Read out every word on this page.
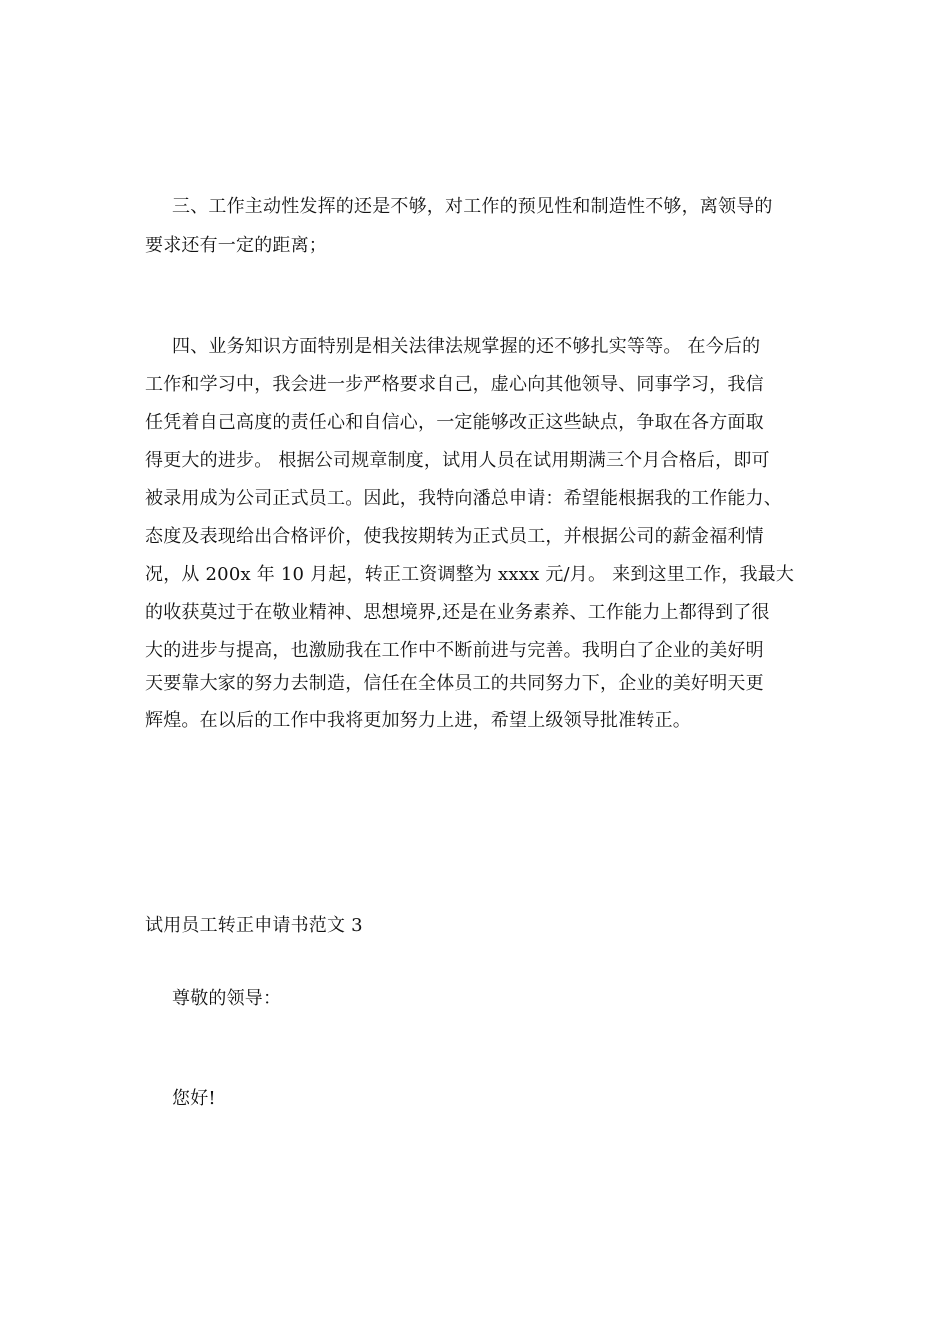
三、工作主动性发挥的还是不够，对工作的预见性和制造性不够，离领导的
要求还有一定的距离；
四、业务知识方面特别是相关法律法规掌握的还不够扎实等等。 在今后的
工作和学习中，我会进一步严格要求自己，虚心向其他领导、同事学习，我信
任凭着自己高度的责任心和自信心，一定能够改正这些缺点，争取在各方面取
得更大的进步。 根据公司规章制度，试用人员在试用期满三个月合格后，即可
被录用成为公司正式员工。因此，我特向潘总申请：希望能根据我的工作能力、
态度及表现给出合格评价，使我按期转为正式员工，并根据公司的薪金福利情
况，从 200x 年 10 月起，转正工资调整为 xxxx 元/月。 来到这里工作，我最大
的收获莫过于在敬业精神、思想境界,还是在业务素养、工作能力上都得到了很
大的进步与提高，也激励我在工作中不断前进与完善。我明白了企业的美好明
天要靠大家的努力去制造，信任在全体员工的共同努力下，企业的美好明天更
辉煌。在以后的工作中我将更加努力上进，希望上级领导批准转正。
试用员工转正申请书范文 3
尊敬的领导：
您好!
